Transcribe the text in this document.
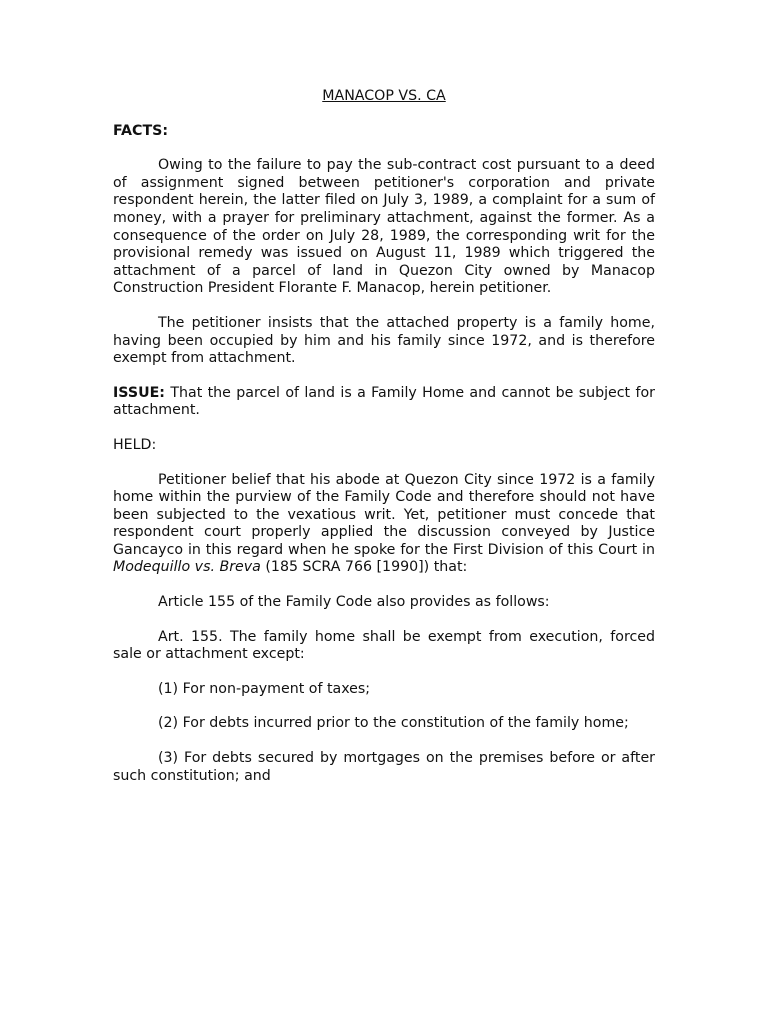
MANACOP VS. CA
FACTS:

Owing to the failure to pay the sub-contract cost pursuant to a deed of assignment signed between petitioner's corporation and private respondent herein, the latter filed on July 3, 1989, a complaint for a sum of money, with a prayer for preliminary attachment, against the former. As a consequence of the order on July 28, 1989, the corresponding writ for the provisional remedy was issued on August 11, 1989 which triggered the attachment of a parcel of land in Quezon City owned by Manacop Construction President Florante F. Manacop, herein petitioner.

The petitioner insists that the attached property is a family home, having been occupied by him and his family since 1972, and is therefore exempt from attachment.

ISSUE: That the parcel of land is a Family Home and cannot be subject for attachment.

HELD:

Petitioner belief that his abode at Quezon City since 1972 is a family home within the purview of the Family Code and therefore should not have been subjected to the vexatious writ. Yet, petitioner must concede that respondent court properly applied the discussion conveyed by Justice Gancayco in this regard when he spoke for the First Division of this Court in Modequillo vs. Breva (185 SCRA 766 [1990]) that:

Article 155 of the Family Code also provides as follows:

Art. 155. The family home shall be exempt from execution, forced sale or attachment except:

(1) For non-payment of taxes;

(2) For debts incurred prior to the constitution of the family home;

(3) For debts secured by mortgages on the premises before or after such constitution; and
